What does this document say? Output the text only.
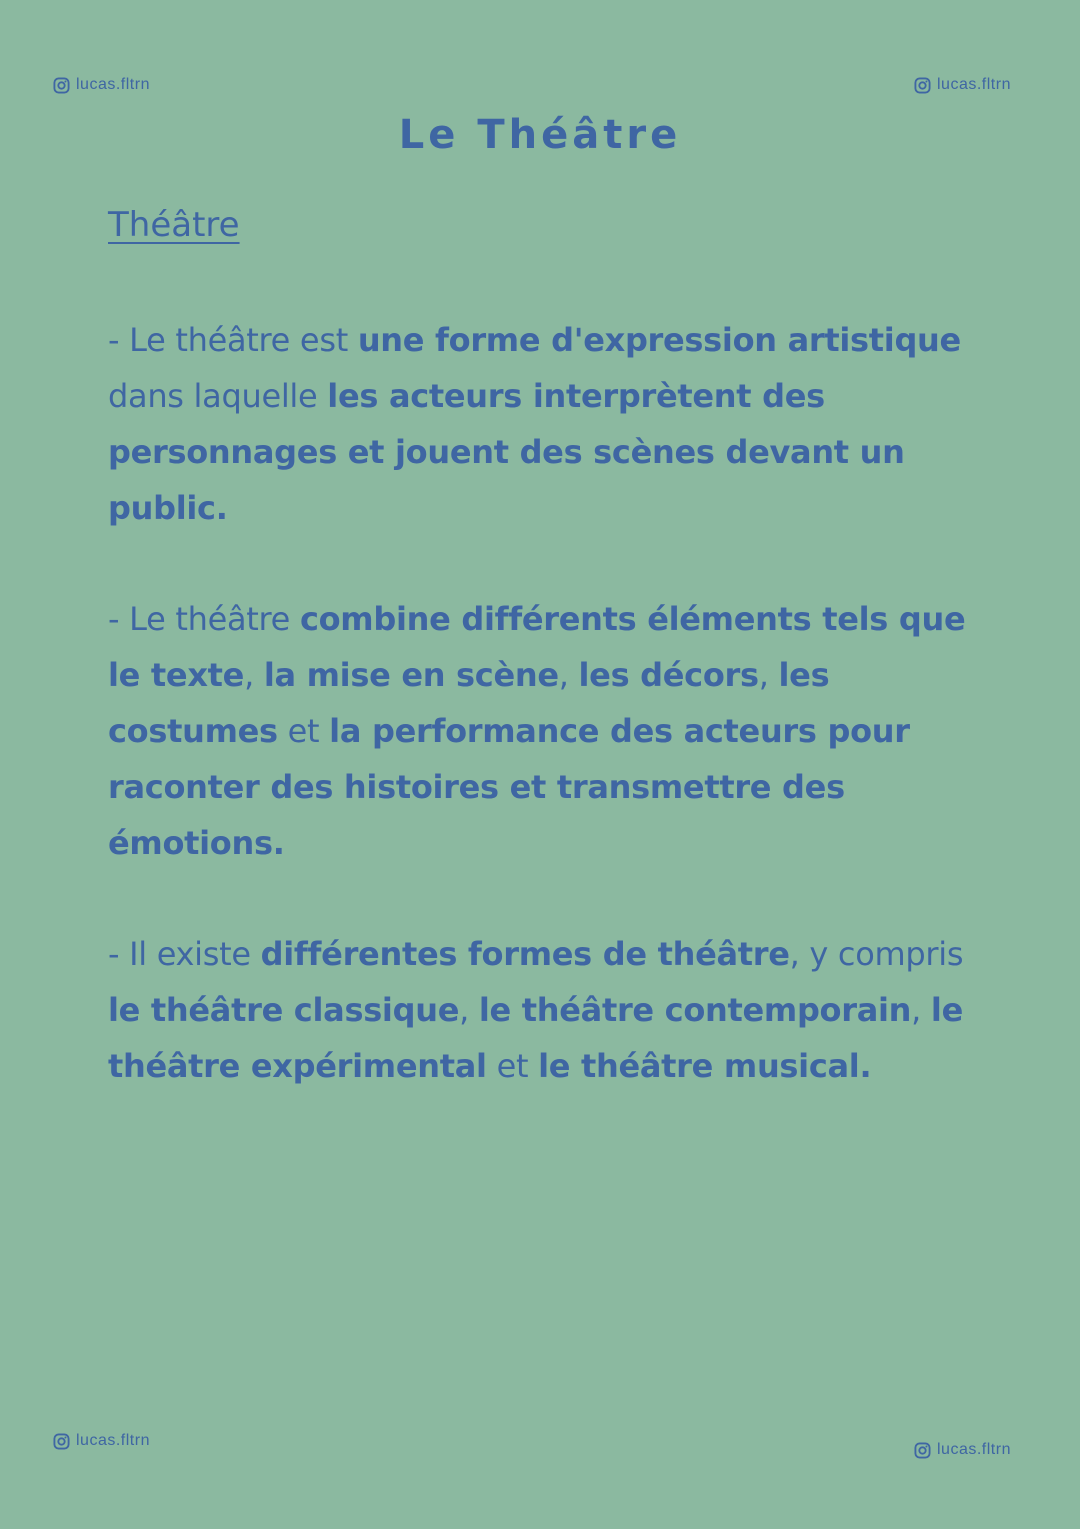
lucas.fltrn	lucas.fltrn
Le Théâtre
Théâtre

- Le théâtre est une forme d'expression artistique dans laquelle les acteurs interprètent des personnages et jouent des scènes devant un public.

- Le théâtre combine différents éléments tels que le texte, la mise en scène, les décors, les costumes et la performance des acteurs pour raconter des histoires et transmettre des émotions.

- Il existe différentes formes de théâtre, y compris le théâtre classique, le théâtre contemporain, le théâtre expérimental et le théâtre musical.

lucas.fltrn
lucas.fltrn
